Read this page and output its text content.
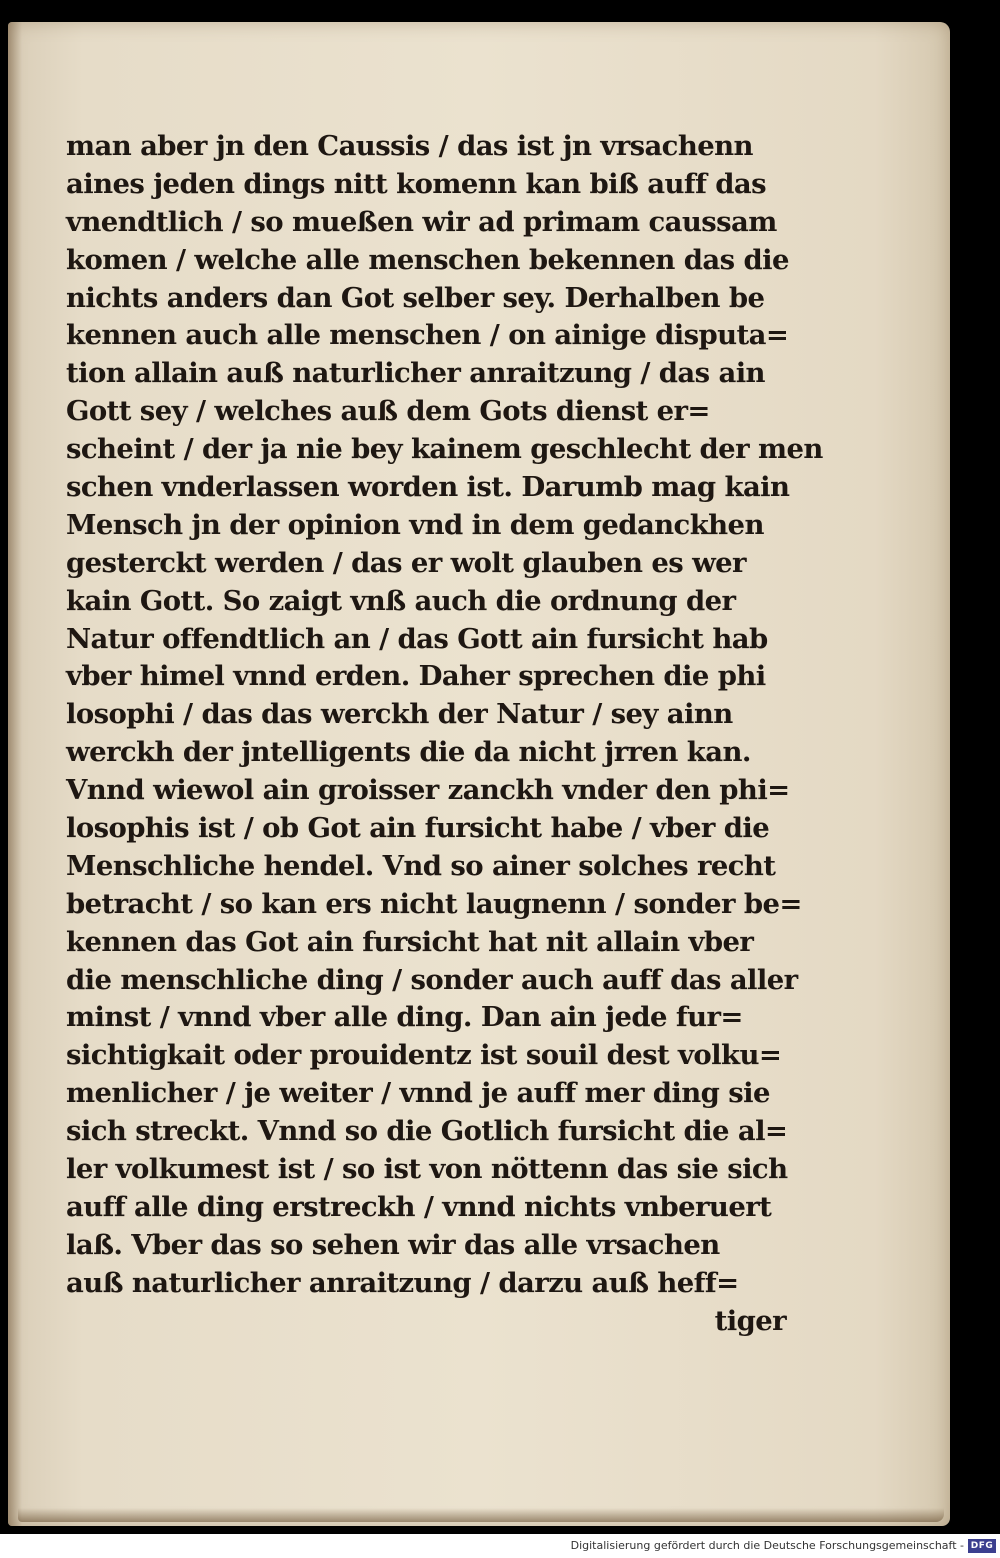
man aber jn den Caussis / das ist jn vrsachenn
aines jeden dings nitt komenn kan biß auff das
vnendtlich / so mueßen wir ad primam caussam
komen / welche alle menschen bekennen das die
nichts anders dan Got selber sey. Derhalben be
kennen auch alle menschen / on ainige disputa=
tion allain auß naturlicher anraitzung / das ain
Gott sey / welches auß dem Gots dienst er=
scheint / der ja nie bey kainem geschlecht der men
schen vnderlassen worden ist. Darumb mag kain
Mensch jn der opinion vnd in dem gedanckhen
gesterckt werden / das er wolt glauben es wer
kain Gott. So zaigt vnß auch die ordnung der
Natur offendtlich an / das Gott ain fursicht hab
vber himel vnnd erden. Daher sprechen die phi
losophi / das das werckh der Natur / sey ainn
werckh der jntelligents die da nicht jrren kan.
Vnnd wiewol ain groisser zanckh vnder den phi=
losophis ist / ob Got ain fursicht habe / vber die
Menschliche hendel. Vnd so ainer solches recht
betracht / so kan ers nicht laugnenn / sonder be=
kennen das Got ain fursicht hat nit allain vber
die menschliche ding / sonder auch auff das aller
minst / vnnd vber alle ding. Dan ain jede fur=
sichtigkait oder prouidentz ist souil dest volku=
menlicher / je weiter / vnnd je auff mer ding sie
sich streckt. Vnnd so die Gotlich fursicht die al=
ler volkumest ist / so ist von nöttenn das sie sich
auff alle ding erstreckh / vnnd nichts vnberuert
laß. Vber das so sehen wir das alle vrsachen
auß naturlicher anraitzung / darzu auß heff=
tiger
Digitalisierung gefördert durch die Deutsche Forschungsgemeinschaft - DFG
